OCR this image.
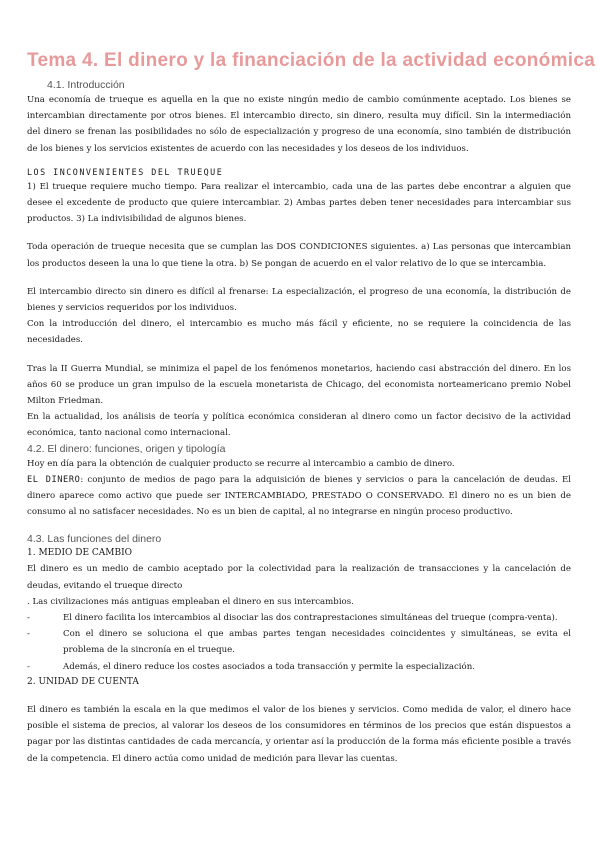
Tema 4. El dinero y la financiación de la actividad económica
4.1. Introducción

Una economía de trueque es aquella en la que no existe ningún medio de cambio comúnmente aceptado. Los bienes se intercambian directamente por otros bienes. El intercambio directo, sin dinero, resulta muy difícil. Sin la intermediación del dinero se frenan las posibilidades no sólo de especialización y progreso de una economía, sino también de distribución de los bienes y los servicios existentes de acuerdo con las necesidades y los deseos de los individuos.

LOS INCONVENIENTES DEL TRUEQUE

1) El trueque requiere mucho tiempo. Para realizar el intercambio, cada una de las partes debe encontrar a alguien que desee el excedente de producto que quiere intercambiar. 2) Ambas partes deben tener necesidades para intercambiar sus productos. 3) La indivisibilidad de algunos bienes.

Toda operación de trueque necesita que se cumplan las DOS CONDICIONES siguientes. a) Las personas que intercambian los productos deseen la una lo que tiene la otra. b) Se pongan de acuerdo en el valor relativo de lo que se intercambia.

El intercambio directo sin dinero es difícil al frenarse: La especialización, el progreso de una economía, la distribución de bienes y servicios requeridos por los individuos.

Con la introducción del dinero, el intercambio es mucho más fácil y eficiente, no se requiere la coincidencia de las necesidades.

Tras la II Guerra Mundial, se minimiza el papel de los fenómenos monetarios, haciendo casi abstracción del dinero. En los años 60 se produce un gran impulso de la escuela monetarista de Chicago, del economista norteamericano premio Nobel Milton Friedman.

En la actualidad, los análisis de teoría y política económica consideran al dinero como un factor decisivo de la actividad económica, tanto nacional como internacional.

4.2. El dinero: funciones, origen y tipología

Hoy en día para la obtención de cualquier producto se recurre al intercambio a cambio de dinero.

EL DINERO: conjunto de medios de pago para la adquisición de bienes y servicios o para la cancelación de deudas. El dinero aparece como activo que puede ser INTERCAMBIADO, PRESTADO O CONSERVADO. El dinero no es un bien de consumo al no satisfacer necesidades. No es un bien de capital, al no integrarse en ningún proceso productivo.

4.3. Las funciones del dinero
1. MEDIO DE CAMBIO

El dinero es un medio de cambio aceptado por la colectividad para la realización de transacciones y la cancelación de deudas, evitando el trueque directo

. Las civilizaciones más antiguas empleaban el dinero en sus intercambios.

-	El dinero facilita los intercambios al disociar las dos contraprestaciones simultáneas del trueque (compra-venta).

-	Con el dinero se soluciona el que ambas partes tengan necesidades coincidentes y simultáneas, se evita el problema de la sincronía en el trueque.

-	Además, el dinero reduce los costes asociados a toda transacción y permite la especialización.

2. UNIDAD DE CUENTA

El dinero es también la escala en la que medimos el valor de los bienes y servicios. Como medida de valor, el dinero hace posible el sistema de precios, al valorar los deseos de los consumidores en términos de los precios que están dispuestos a pagar por las distintas cantidades de cada mercancía, y orientar así la producción de la forma más eficiente posible a través de la competencia. El dinero actúa como unidad de medición para llevar las cuentas.
